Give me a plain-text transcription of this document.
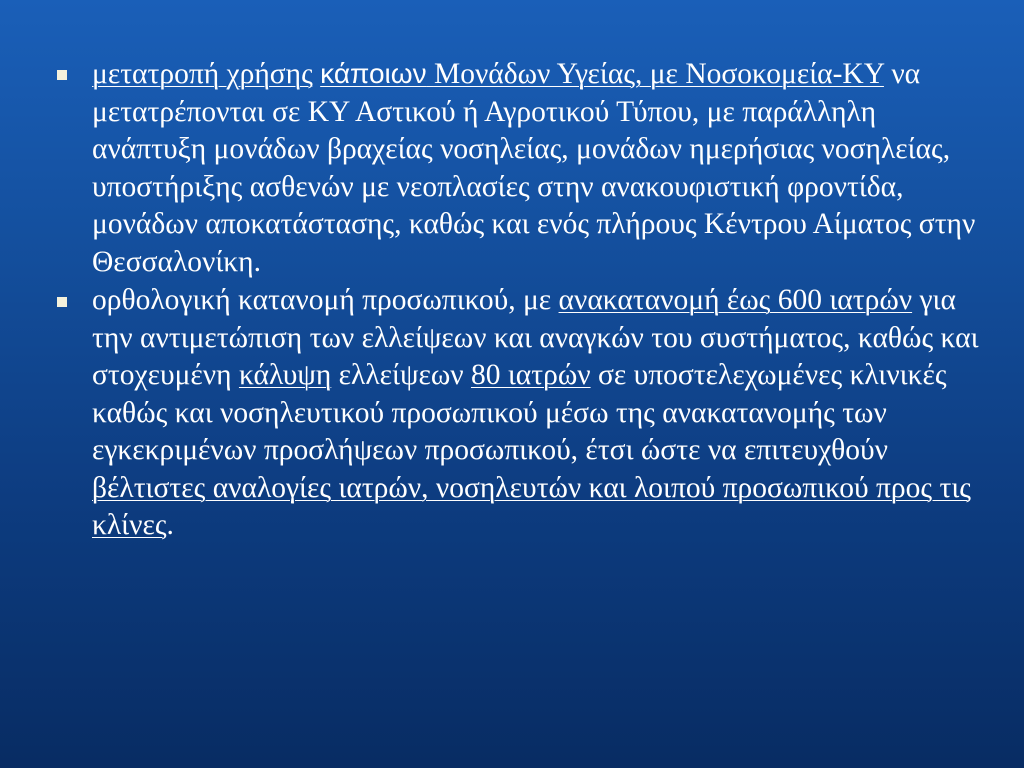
μετατροπή χρήσης κάποιων Μονάδων Υγείας, με Νοσοκομεία-ΚΥ να μετατρέπονται σε ΚΥ Αστικού ή Αγροτικού Τύπου, με παράλληλη ανάπτυξη μονάδων βραχείας νοσηλείας, μονάδων ημερήσιας νοσηλείας, υποστήριξης ασθενών με νεοπλασίες στην ανακουφιστική φροντίδα, μονάδων αποκατάστασης, καθώς και ενός πλήρους Κέντρου Αίματος στην Θεσσαλονίκη.
ορθολογική κατανομή προσωπικού, με ανακατανομή έως 600 ιατρών για την αντιμετώπιση των ελλείψεων και αναγκών του συστήματος, καθώς και στοχευμένη κάλυψη ελλείψεων 80 ιατρών σε υποστελεχωμένες κλινικές καθώς και νοσηλευτικού προσωπικού μέσω της ανακατανομής των εγκεκριμένων προσλήψεων προσωπικού, έτσι ώστε να επιτευχθούν βέλτιστες αναλογίες ιατρών, νοσηλευτών και λοιπού προσωπικού προς τις κλίνες.
